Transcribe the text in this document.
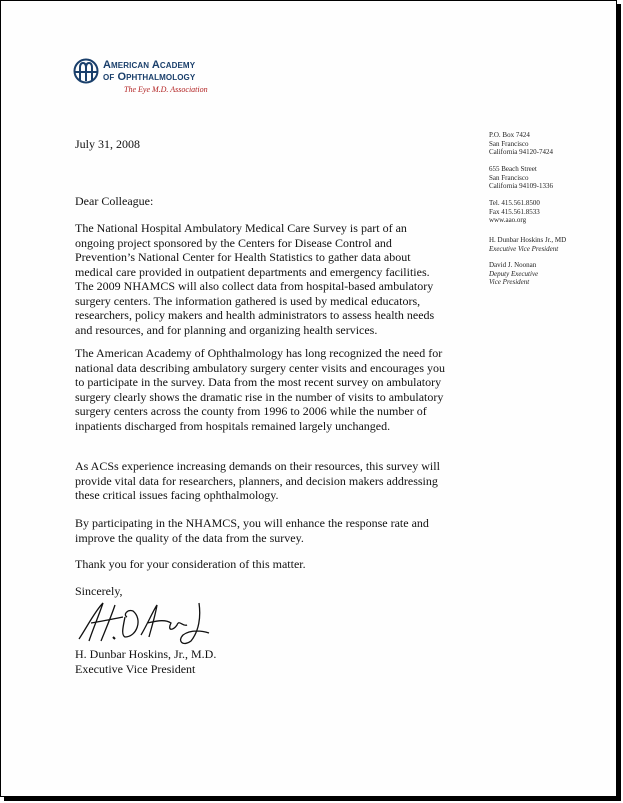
American Academy
of Ophthalmology
The Eye M.D. Association
P.O. Box 7424
San Francisco
California 94120-7424
655 Beach Street
San Francisco
California 94109-1336
Tel. 415.561.8500
Fax 415.561.8533
www.aao.org
H. Dunbar Hoskins Jr., MD
Executive Vice President
David J. Noonan
Deputy Executive
Vice President
July 31, 2008
Dear Colleague:
The National Hospital Ambulatory Medical Care Survey is part of an ongoing project sponsored by the Centers for Disease Control and Prevention’s National Center for Health Statistics to gather data about medical care provided in outpatient departments and emergency facilities. The 2009 NHAMCS will also collect data from hospital-based ambulatory surgery centers. The information gathered is used by medical educators, researchers, policy makers and health administrators to assess health needs and resources, and for planning and organizing health services.
The American Academy of Ophthalmology has long recognized the need for national data describing ambulatory surgery center visits and encourages you to participate in the survey. Data from the most recent survey on ambulatory surgery clearly shows the dramatic rise in the number of visits to ambulatory surgery centers across the county from 1996 to 2006 while the number of inpatients discharged from hospitals remained largely unchanged.
As ACSs experience increasing demands on their resources, this survey will provide vital data for researchers, planners, and decision makers addressing these critical issues facing ophthalmology.
By participating in the NHAMCS, you will enhance the response rate and improve the quality of the data from the survey.
Thank you for your consideration of this matter.
Sincerely,
H. Dunbar Hoskins, Jr., M.D.
Executive Vice President
